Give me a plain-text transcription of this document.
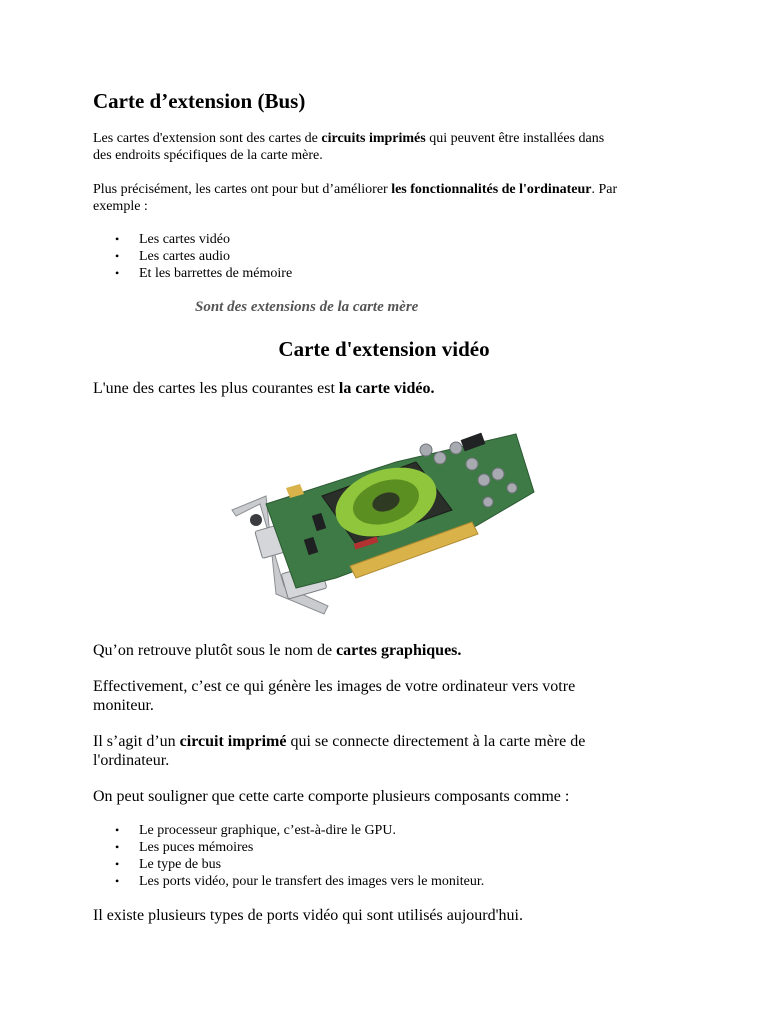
Carte d’extension (Bus)

Les cartes d'extension sont des cartes de circuits imprimés qui peuvent être installées dans
des endroits spécifiques de la carte mère.

Plus précisément, les cartes ont pour but d’améliorer les fonctionnalités de l'ordinateur. Par
exemple :

• Les cartes vidéo
• Les cartes audio
• Et les barrettes de mémoire
Sont des extensions de la carte mère
Carte d'extension vidéo

L'une des cartes les plus courantes est la carte vidéo.

Qu’on retrouve plutôt sous le nom de cartes graphiques.

Effectivement, c’est ce qui génère les images de votre ordinateur vers votre
moniteur.

Il s’agit d’un circuit imprimé qui se connecte directement à la carte mère de
l'ordinateur.

On peut souligner que cette carte comporte plusieurs composants comme :

• Le processeur graphique, c’est-à-dire le GPU.
• Les puces mémoires
• Le type de bus
• Les ports vidéo, pour le transfert des images vers le moniteur.

Il existe plusieurs types de ports vidéo qui sont utilisés aujourd'hui.
